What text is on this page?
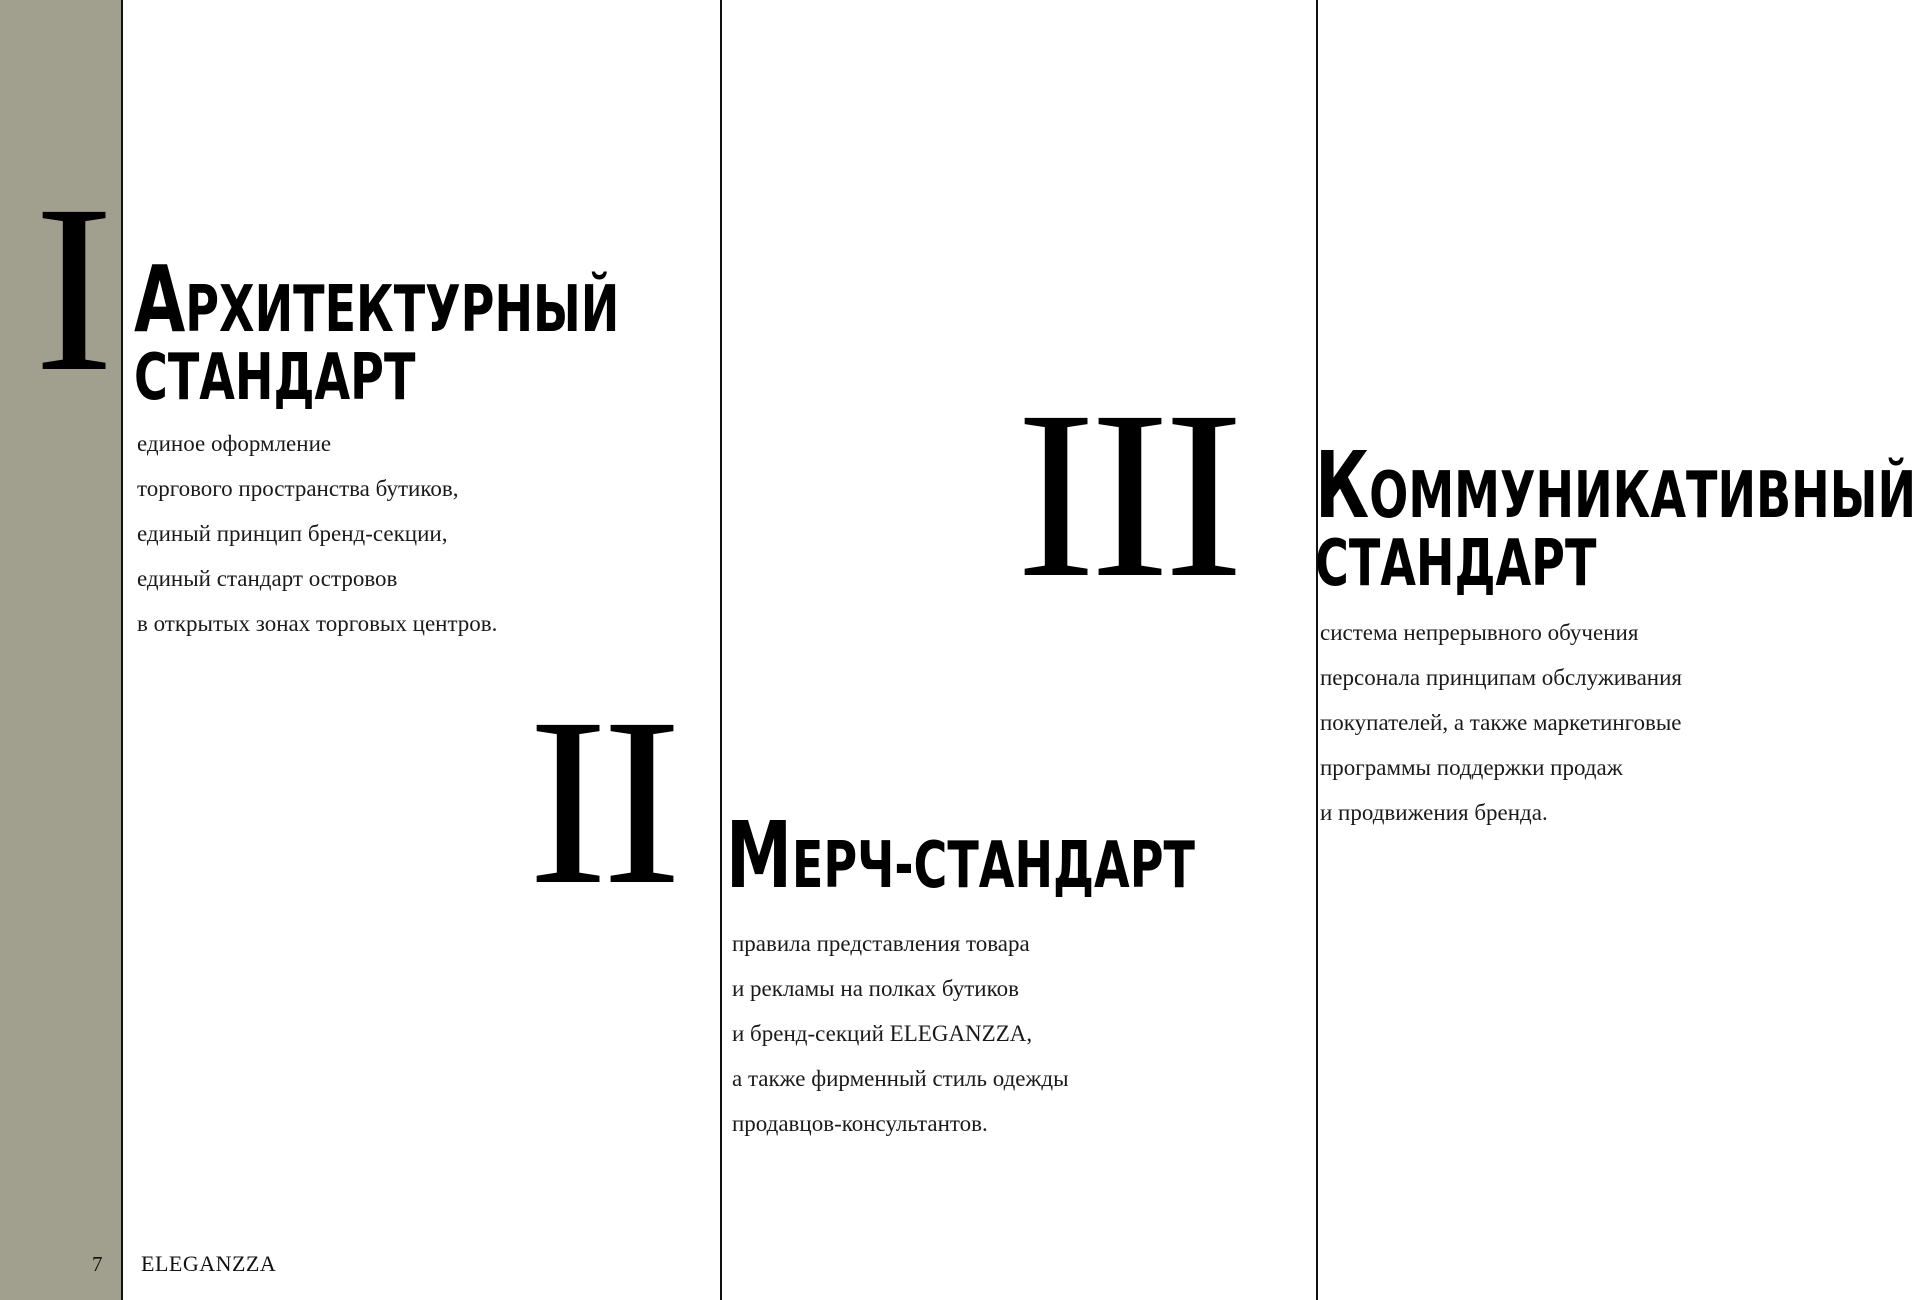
I АРХИТЕКТУРНЫЙ
СТАНДАРТ

единое оформление
торгового пространства бутиков,
единый принцип бренд-секции,
единый стандарт островов
в открытых зонах торговых центров.

II МЕРЧ-СТАНДАРТ

правила представления товара
и рекламы на полках бутиков
и бренд-секций ELEGANZZA,
а также фирменный стиль одежды
продавцов-консультантов.

III КОММУНИКАТИВНЫЙ
СТАНДАРТ

система непрерывного обучения
персонала принципам обслуживания
покупателей, а также маркетинговые
программы поддержки продаж
и продвижения бренда.

7 ELEGANZZA
